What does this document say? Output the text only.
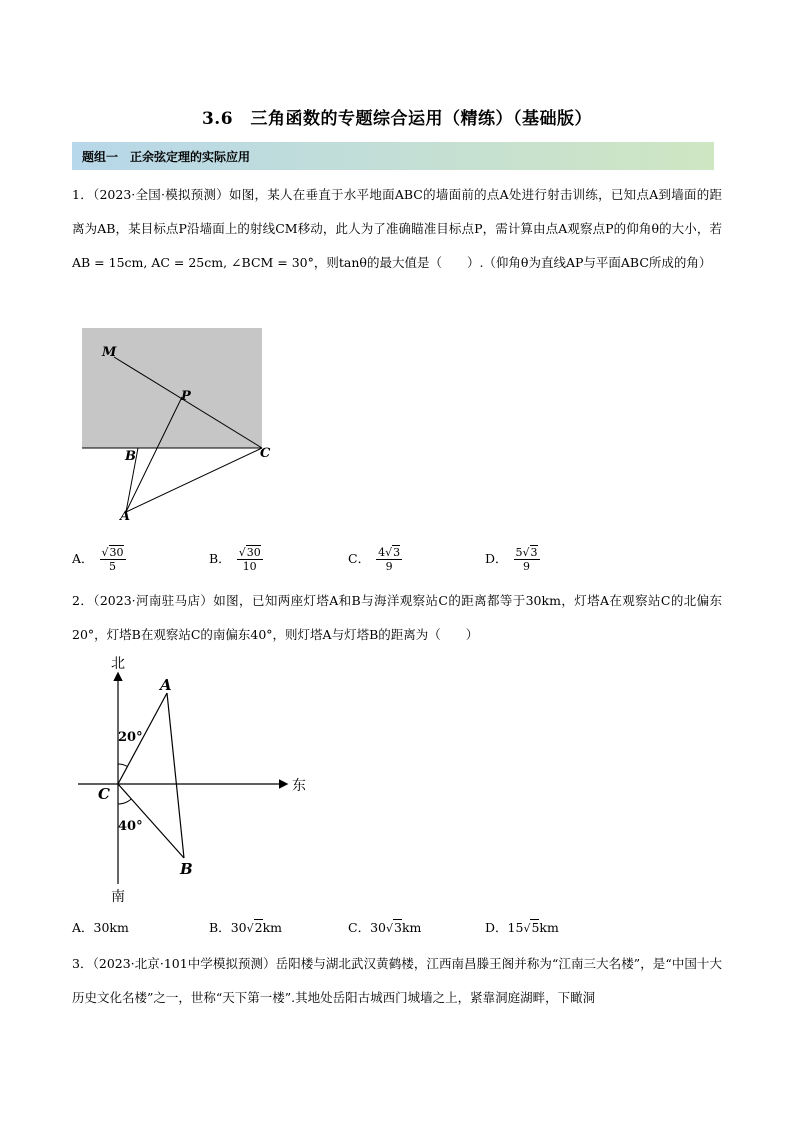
3.6　三角函数的专题综合运用（精练）（基础版）
题组一　正余弦定理的实际应用
1．（2023·全国·模拟预测）如图，某人在垂直于水平地面ABC的墙面前的点A处进行射击训练，已知点A到墙面的距离为AB，某目标点P沿墙面上的射线CM移动，此人为了准确瞄准目标点P，需计算由点A观察点P的仰角θ的大小，若AB = 15cm, AC = 25cm, ∠BCM = 30°，则tanθ的最大值是（　　）.（仰角θ为直线AP与平面ABC所成的角）
M
P
B	C
A
A． $\frac{√30}{5}$	B． $\frac{√30}{10}$	C． $\frac{4√3}{9}$	D． $\frac{5√3}{9}$
2．（2023·河南驻马店）如图，已知两座灯塔A和B与海洋观察站C的距离都等于30km，灯塔A在观察站C的北偏东20°，灯塔B在观察站C的南偏东40°，则灯塔A与灯塔B的距离为（　　）
北
南
东
A
B
C
20°
40°
A．30km	B．30√2km	C．30√3km	D．15√5km
3．（2023·北京·101中学模拟预测）岳阳楼与湖北武汉黄鹤楼，江西南昌滕王阁并称为“江南三大名楼”，是“中国十大历史文化名楼”之一，世称“天下第一楼”.其地处岳阳古城西门城墙之上，紧靠洞庭湖畔，下瞰洞
